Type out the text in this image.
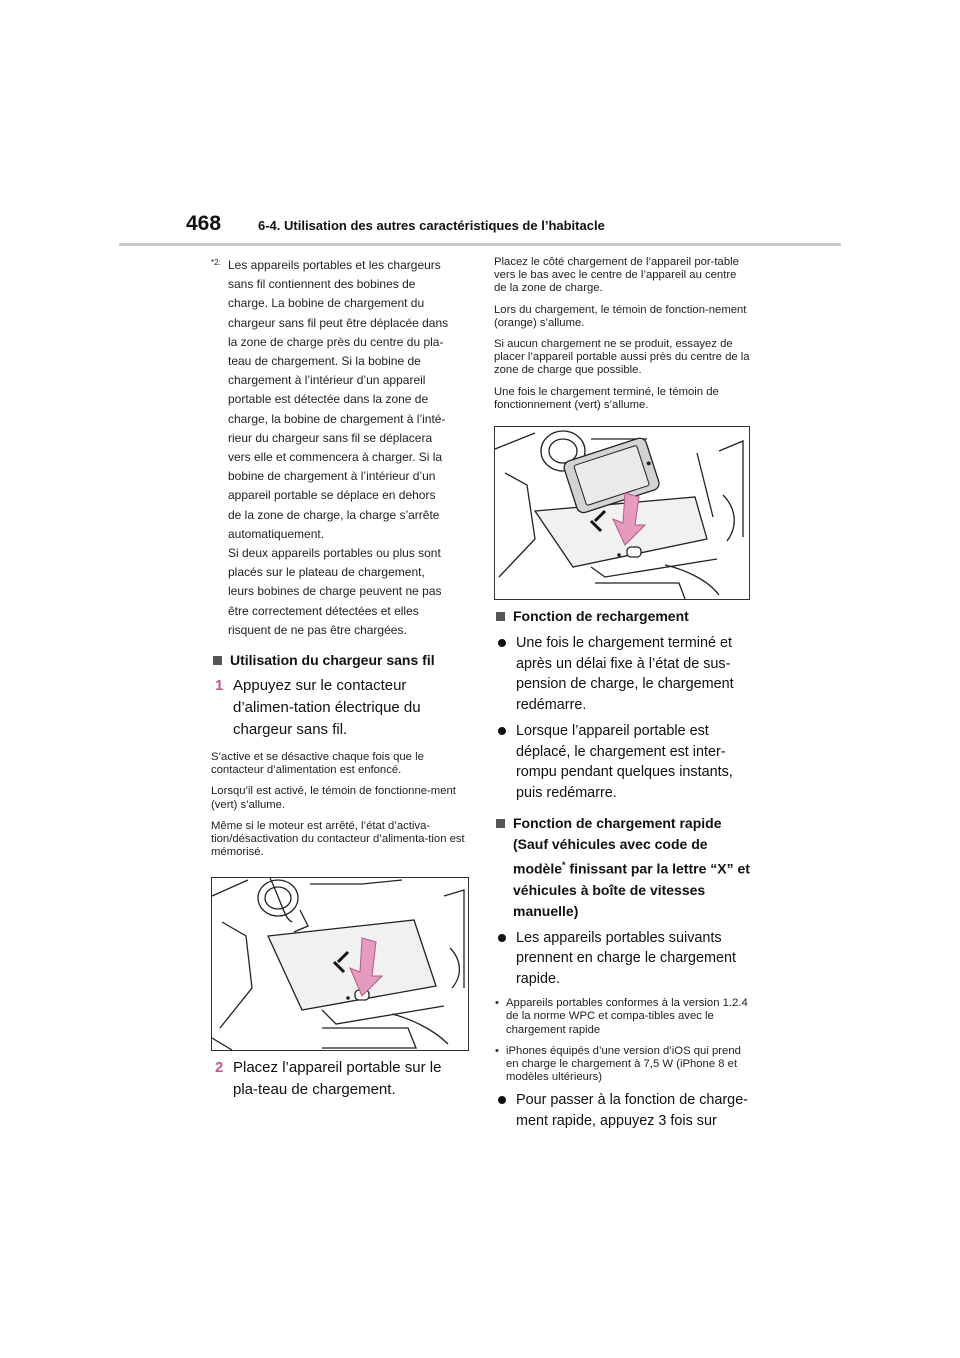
468	6-4. Utilisation des autres caractéristiques de l’habitacle
*2: Les appareils portables et les chargeurs

sans fil contiennent des bobines de

charge. La bobine de chargement du

chargeur sans fil peut être déplacée dans

la zone de charge près du centre du pla-

teau de chargement. Si la bobine de

chargement à l’intérieur d’un appareil

portable est détectée dans la zone de

charge, la bobine de chargement à l’inté-

rieur du chargeur sans fil se déplacera

vers elle et commencera à charger. Si la

bobine de chargement à l’intérieur d’un

appareil portable se déplace en dehors

de la zone de charge, la charge s’arrête

automatiquement.

Si deux appareils portables ou plus sont

placés sur le plateau de chargement,

leurs bobines de charge peuvent ne pas

être correctement détectées et elles

risquent de ne pas être chargées.

Utilisation du chargeur sans fil
1 Appuyez sur le contacteur d’alimen-tation électrique du chargeur sans fil.

S’active et se désactive chaque fois que le contacteur d’alimentation est enfoncé.

Lorsqu’il est activé, le témoin de fonctionne-ment (vert) s’allume.

Même si le moteur est arrêté, l’état d’activa-tion/désactivation du contacteur d’alimenta-tion est mémorisé.

2 Placez l’appareil portable sur le pla-teau de chargement.

Placez le côté chargement de l’appareil por-table vers le bas avec le centre de l’appareil au centre de la zone de charge.

Lors du chargement, le témoin de fonction-nement (orange) s’allume.

Si aucun chargement ne se produit, essayez de placer l’appareil portable aussi près du centre de la zone de charge que possible.

Une fois le chargement terminé, le témoin de fonctionnement (vert) s’allume.

Fonction de rechargement
Une fois le chargement terminé et après un délai fixe à l’état de sus-pension de charge, le chargement redémarre.
Lorsque l’appareil portable est déplacé, le chargement est inter-rompu pendant quelques instants, puis redémarre.
Fonction de chargement rapide (Sauf véhicules avec code de modèle* finissant par la lettre “X” et véhicules à boîte de vitesses manuelle)
Les appareils portables suivants prennent en charge le chargement rapide.
• Appareils portables conformes à la version 1.2.4 de la norme WPC et compa-tibles avec le chargement rapide
• iPhones équipés d’une version d’iOS qui prend en charge le chargement à 7,5 W (iPhone 8 et modèles ultérieurs)
Pour passer à la fonction de charge-ment rapide, appuyez 3 fois sur
